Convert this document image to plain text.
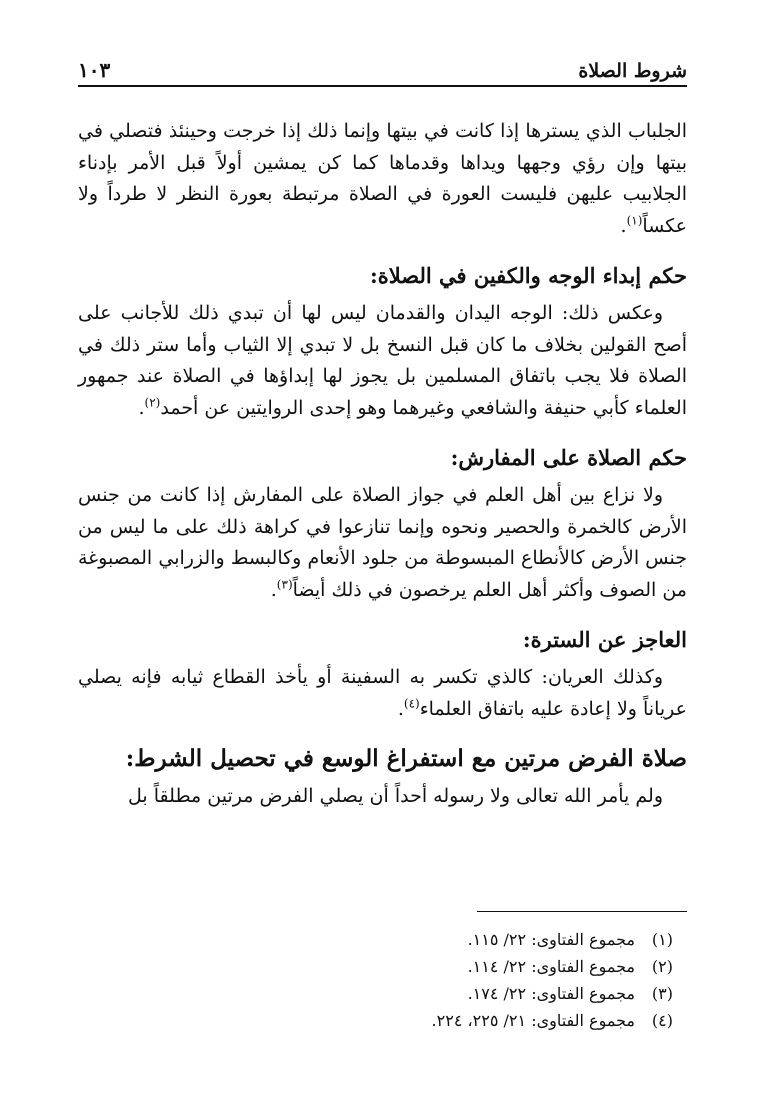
شروط الصلاة
١٠٣

الجلباب الذي يسترها إذا كانت في بيتها وإنما ذلك إذا خرجت وحينئذ فتصلي في بيتها وإن رؤي وجهها ويداها وقدماها كما كن يمشين أولاً قبل الأمر بإدناء الجلابيب عليهن فليست العورة في الصلاة مرتبطة بعورة النظر لا طرداً ولا عكساً$^{(١)}$.

حكم إبداء الوجه والكفين في الصلاة:

وعكس ذلك: الوجه اليدان والقدمان ليس لها أن تبدي ذلك للأجانب على أصح القولين بخلاف ما كان قبل النسخ بل لا تبدي إلا الثياب وأما ستر ذلك في الصلاة فلا يجب باتفاق المسلمين بل يجوز لها إبداؤها في الصلاة عند جمهور العلماء كأبي حنيفة والشافعي وغيرهما وهو إحدى الروايتين عن أحمد$^{(٢)}$.

حكم الصلاة على المفارش:

ولا نزاع بين أهل العلم في جواز الصلاة على المفارش إذا كانت من جنس الأرض كالخمرة والحصير ونحوه وإنما تنازعوا في كراهة ذلك على ما ليس من جنس الأرض كالأنطاع المبسوطة من جلود الأنعام وكالبسط والزرابي المصبوغة من الصوف وأكثر أهل العلم يرخصون في ذلك أيضاً$^{(٣)}$.

العاجز عن السترة:

وكذلك العريان: كالذي تكسر به السفينة أو يأخذ القطاع ثيابه فإنه يصلي عرياناً ولا إعادة عليه باتفاق العلماء$^{(٤)}$.

صلاة الفرض مرتين مع استفراغ الوسع في تحصيل الشرط:

ولم يأمر الله تعالى ولا رسوله أحداً أن يصلي الفرض مرتين مطلقاً بل

(١)مجموع الفتاوى: ٢٢/ ١١٥.
(٢)مجموع الفتاوى: ٢٢/ ١١٤.
(٣)مجموع الفتاوى: ٢٢/ ١٧٤.
(٤)مجموع الفتاوى: ٢١/ ٢٢٥، ٢٢٤.
